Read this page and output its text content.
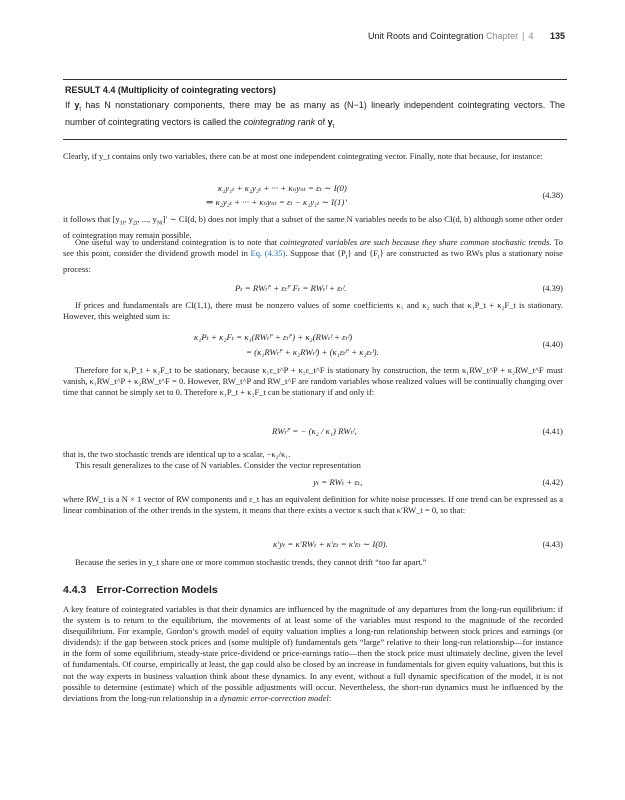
Unit Roots and Cointegration Chapter | 4 135
RESULT 4.4 (Multiplicity of cointegrating vectors)
If $y_t$ has N nonstationary components, there may be as many as (N−1) linearly independent cointegrating vectors. The number of cointegrating vectors is called the cointegrating rank of $y_t$

Clearly, if y_t contains only two variables, there can be at most one independent cointegrating vector. Finally, note that because, for instance:

κ₁y₁ₜ + κ₂y₂ₜ + ··· + κₙyₙₜ = εₜ ∼ I(0)
(4.38)
⇒ κ₂y₂ₜ + ··· + κₙyₙₜ = εₜ − κ₁y₁ₜ ∼ I(1)’

it follows that [$y_{1t}$, $y_{2t}$, ..., $y_{Nt}]'$ ∼ CI(d, b) does not imply that a subset of the same N variables needs to be also CI(d, b) although some other order of cointegration may remain possible.

One useful way to understand cointegration is to note that cointegrated variables are such because they share common stochastic trends. To see this point, consider the dividend growth model in Eq. (4.35). Suppose that $\{P_t\}$ and $\{F_t\}$ are constructed as two RWs plus a stationary noise process:

Pₜ = RWₜᴾ + εₜᴾ Fₜ = RWₜᶠ + εₜᶠ.	(4.39)

If prices and fundamentals are CI(1,1), there must be nonzero values of some coefficients κ₁ and κ₂ such that κ₁P_t + κ₂F_t is stationary. However, this weighted sum is:

κ₁Pₜ + κ₂Fₜ = κ₁(RWₜᴾ + εₜᴾ) + κ₂(RWₜᶠ + εₜᶠ)
(4.40)
= (κ₁RWₜᴾ + κ₂RWₜᶠ) + (κ₁εₜᴾ + κ₂εₜᶠ).

Therefore for κ₁P_t + κ₂F_t to be stationary, because κ₁ε_t^P + κ₂ε_t^F is stationary by construction, the term κ₁RW_t^P + κ₂RW_t^F must vanish, κ₁RW_t^P + κ₂RW_t^F = 0. However, RW_t^P and RW_t^F are random variables whose realized values will be continually changing over time that cannot be simply set to 0. Therefore κ₁P_t + κ₂F_t can be stationary if and only if:

RWₜᴾ = − (κ₂ / κ₁) RWₜᶠ,	(4.41)

that is, the two stochastic trends are identical up to a scalar, −κ₂/κ₁.

This result generalizes to the case of N variables. Consider the vector representation

yₜ = RWₜ + εₜ,	(4.42)

where RW_t is a N × 1 vector of RW components and ε_t has an equivalent definition for white noise processes. If one trend can be expressed as a linear combination of the other trends in the system, it means that there exists a vector κ such that κ′RW_t = 0, so that:

κ′yₜ = κ′RWₜ + κ′εₜ = κ′εₜ ∼ I(0).	(4.43)

Because the series in y_t share one or more common stochastic trends, they cannot drift “too far apart.”

4.4.3 Error-Correction Models

A key feature of cointegrated variables is that their dynamics are influenced by the magnitude of any departures from the long-run equilibrium: if the system is to return to the equilibrium, the movements of at least some of the variables must respond to the magnitude of the recorded disequilibrium. For example, Gordon’s growth model of equity valuation implies a long-run relationship between stock prices and earnings (or dividends): if the gap between stock prices and (some multiple of) fundamentals gets “large” relative to their long-run relationship—for instance in the form of some equilibrium, steady-state price-dividend or price-earnings ratio—then the stock price must ultimately decline, given the level of fundamentals. Of course, empirically at least, the gap could also be closed by an increase in fundamentals for given equity valuations, but this is not the way experts in business valuation think about these dynamics. In any event, without a full dynamic specification of the model, it is not possible to determine (estimate) which of the possible adjustments will occur. Nevertheless, the short-run dynamics must be influenced by the deviations from the long-run relationship in a dynamic error-correction model:
